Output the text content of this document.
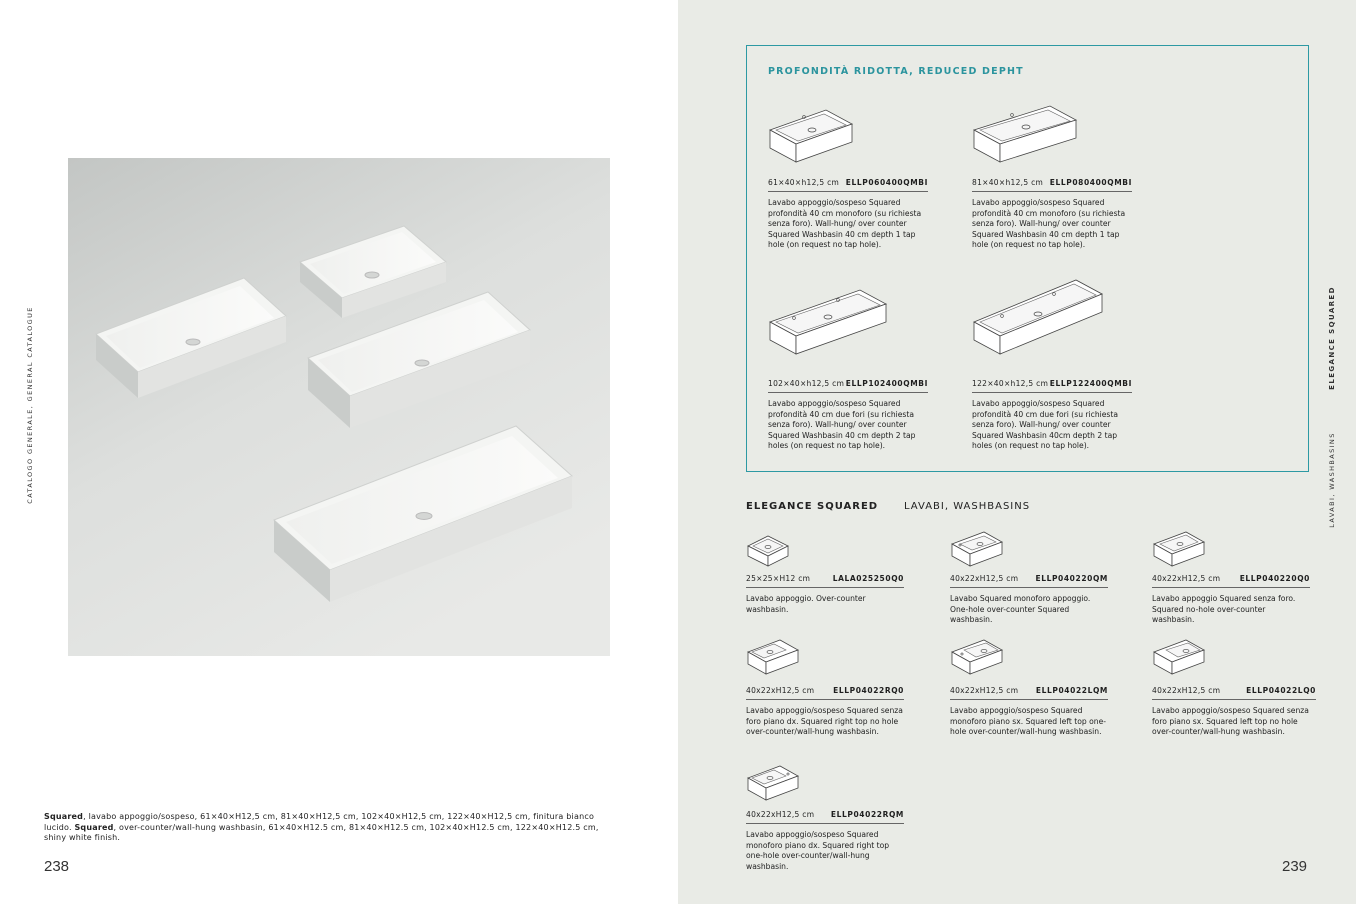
CATALOGO GENERALE, GENERAL CATALOGUE
Squared, lavabo appoggio/sospeso, 61×40×H12,5 cm, 81×40×H12,5 cm, 102×40×H12,5 cm, 122×40×H12,5 cm, finitura bianco lucido. Squared, over-counter/wall-hung washbasin, 61×40×H12.5 cm, 81×40×H12.5 cm, 102×40×H12.5 cm, 122×40×H12.5 cm, shiny white finish.
238
PROFONDITÀ RIDOTTA, REDUCED DEPHT
61×40×h12,5 cm ELLP060400QMBI
Lavabo appoggio/sospeso Squared profondità 40 cm monoforo (su richiesta senza foro). Wall-hung/ over counter Squared Washbasin 40 cm depth 1 tap hole (on request no tap hole).
81×40×h12,5 cm ELLP080400QMBI
Lavabo appoggio/sospeso Squared profondità 40 cm monoforo (su richiesta senza foro). Wall-hung/ over counter Squared Washbasin 40 cm depth 1 tap hole (on request no tap hole).
102×40×h12,5 cm ELLP102400QMBI
Lavabo appoggio/sospeso Squared profondità 40 cm due fori (su richiesta senza foro). Wall-hung/ over counter Squared Washbasin 40 cm depth 2 tap holes (on request no tap hole).
122×40×h12,5 cm ELLP122400QMBI
Lavabo appoggio/sospeso Squared profondità 40 cm due fori (su richiesta senza foro). Wall-hung/ over counter Squared Washbasin 40cm depth 2 tap holes (on request no tap hole).
ELEGANCE SQUARED	LAVABI, WASHBASINS
25×25×H12 cm	LALA025250Q0
Lavabo appoggio. Over-counter washbasin.
40x22xH12,5 cm ELLP040220QM
Lavabo Squared monoforo appoggio. One-hole over-counter Squared washbasin.
40x22xH12,5 cm	ELLP040220Q0
Lavabo appoggio Squared senza foro. Squared no-hole over-counter washbasin.
40x22xH12,5 cm	ELLP04022RQ0
Lavabo appoggio/sospeso Squared senza foro piano dx. Squared right top no hole over-counter/wall-hung washbasin.
40x22xH12,5 cm ELLP04022LQM
Lavabo appoggio/sospeso Squared monoforo piano sx. Squared left top one-hole over-counter/wall-hung washbasin.
40x22xH12,5 cm	ELLP04022LQ0
Lavabo appoggio/sospeso Squared senza foro piano sx. Squared left top no hole over-counter/wall-hung washbasin.
40x22xH12,5 cm ELLP04022RQM
Lavabo appoggio/sospeso Squared monoforo piano dx. Squared right top one-hole over-counter/wall-hung washbasin.
ELEGANCE SQUARED
LAVABI, WASHBASINS
239
